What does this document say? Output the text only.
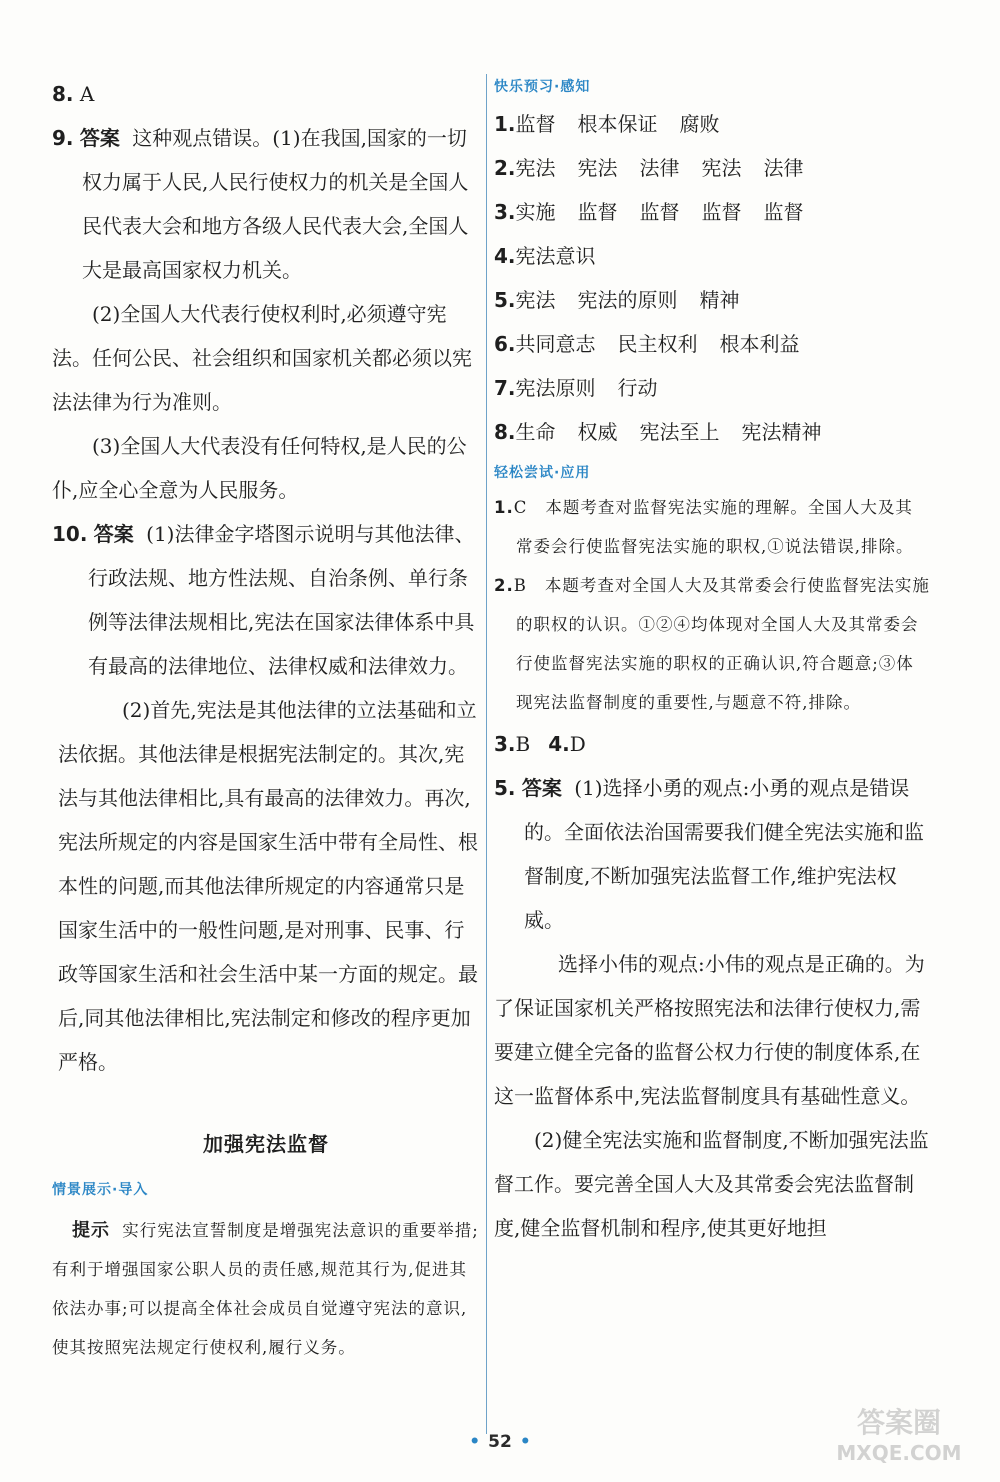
8. A

9. 答案 这种观点错误。(1)在我国,国家的一切权力属于人民,人民行使权力的机关是全国人民代表大会和地方各级人民代表大会,全国人大是最高国家权力机关。

(2)全国人大代表行使权利时,必须遵守宪法。任何公民、社会组织和国家机关都必须以宪法法律为行为准则。

(3)全国人大代表没有任何特权,是人民的公仆,应全心全意为人民服务。

10. 答案 (1)法律金字塔图示说明与其他法律、行政法规、地方性法规、自治条例、单行条例等法律法规相比,宪法在国家法律体系中具有最高的法律地位、法律权威和法律效力。

(2)首先,宪法是其他法律的立法基础和立法依据。其他法律是根据宪法制定的。其次,宪法与其他法律相比,具有最高的法律效力。再次,宪法所规定的内容是国家生活中带有全局性、根本性的问题,而其他法律所规定的内容通常只是国家生活中的一般性问题,是对刑事、民事、行政等国家生活和社会生活中某一方面的规定。最后,同其他法律相比,宪法制定和修改的程序更加严格。

加强宪法监督
情景展示·导入

提示 实行宪法宣誓制度是增强宪法意识的重要举措;有利于增强国家公职人员的责任感,规范其行为,促进其依法办事;可以提高全体社会成员自觉遵守宪法的意识,使其按照宪法规定行使权利,履行义务。

快乐预习·感知

1.监督 根本保证 腐败

2.宪法 宪法 法律 宪法 法律

3.实施 监督 监督 监督 监督

4.宪法意识

5.宪法 宪法的原则 精神

6.共同意志 民主权利 根本利益

7.宪法原则 行动

8.生命 权威 宪法至上 宪法精神

轻松尝试·应用

1.C 本题考查对监督宪法实施的理解。全国人大及其常委会行使监督宪法实施的职权,①说法错误,排除。

2.B 本题考查对全国人大及其常委会行使监督宪法实施的职权的认识。①②④均体现对全国人大及其常委会行使监督宪法实施的职权的正确认识,符合题意;③体现宪法监督制度的重要性,与题意不符,排除。

3.B 4.D

5. 答案 (1)选择小勇的观点:小勇的观点是错误的。全面依法治国需要我们健全宪法实施和监督制度,不断加强宪法监督工作,维护宪法权威。

选择小伟的观点:小伟的观点是正确的。为了保证国家机关严格按照宪法和法律行使权力,需要建立健全完备的监督公权力行使的制度体系,在这一监督体系中,宪法监督制度具有基础性意义。

(2)健全宪法实施和监督制度,不断加强宪法监督工作。要完善全国人大及其常委会宪法监督制度,健全监督机制和程序,使其更好地担

• 52 •
答案圈
MXQE.COM
